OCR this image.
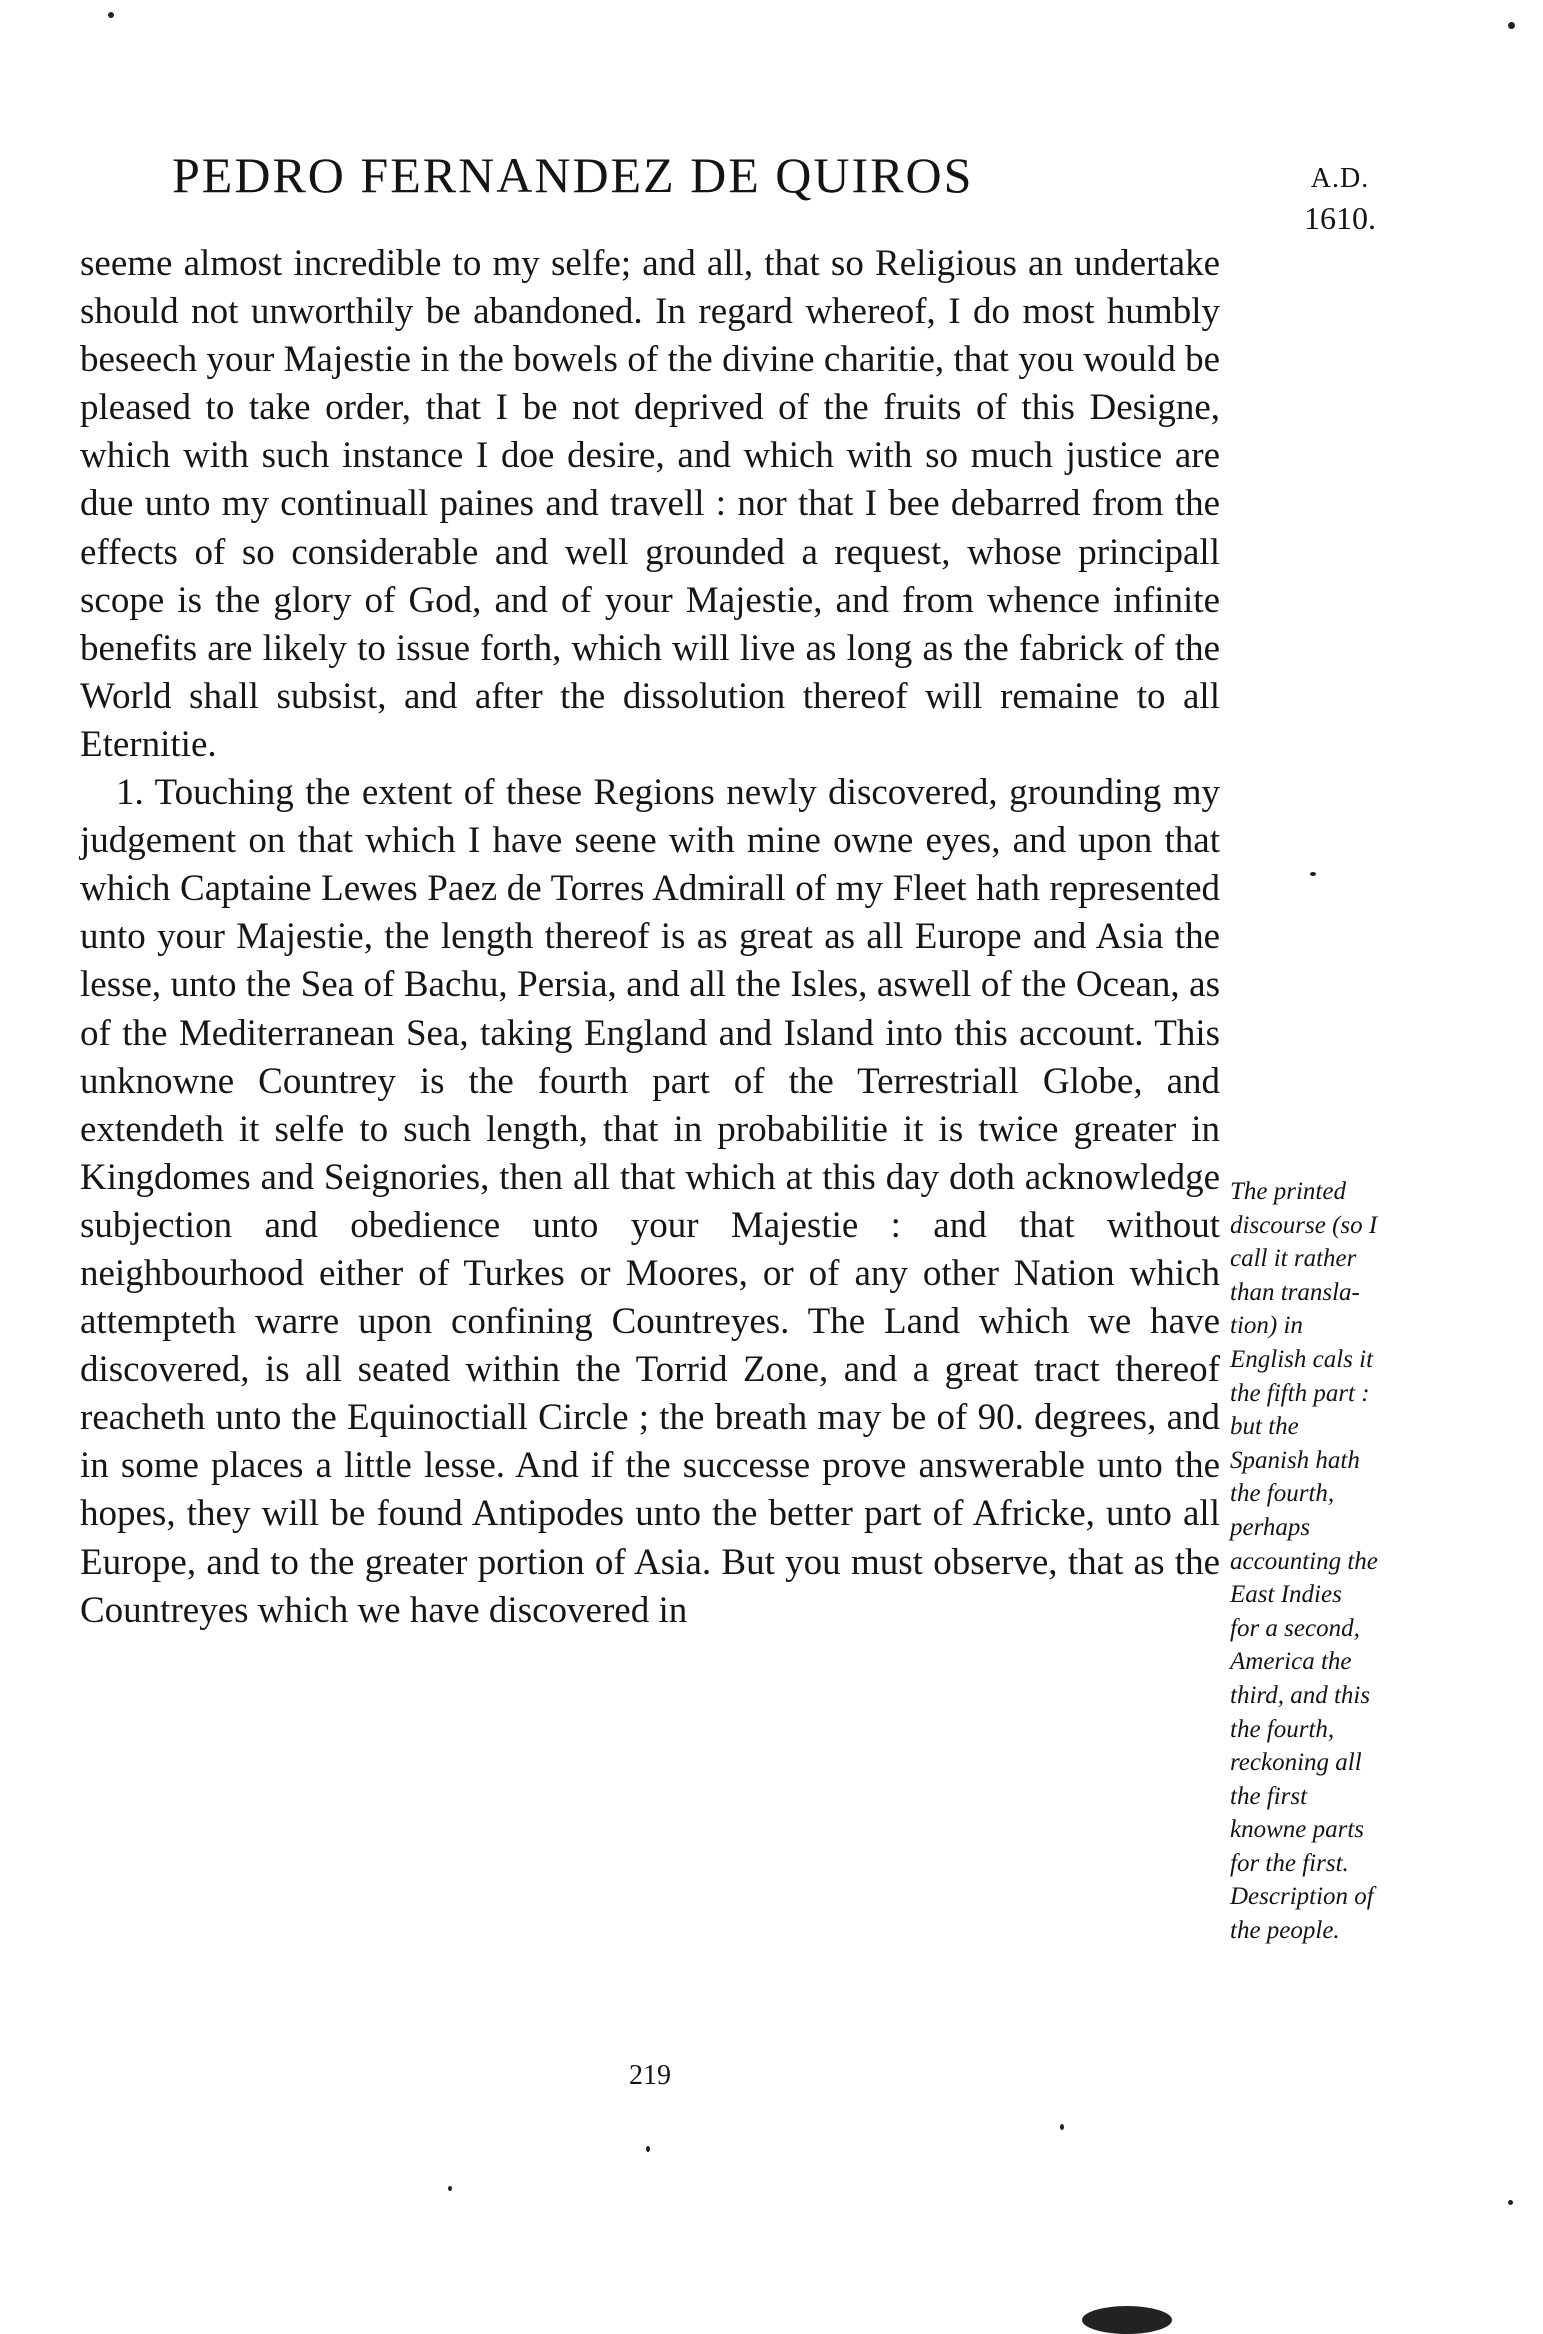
PEDRO FERNANDEZ DE QUIROS	A.D.
1610.

seeme almost incredible to my selfe; and all, that so Religious an undertake should not unworthily be abandoned. In regard whereof, I do most humbly beseech your Majestie in the bowels of the divine charitie, that you would be pleased to take order, that I be not deprived of the fruits of this Designe, which with such instance I doe desire, and which with so much justice are due unto my continuall paines and travell : nor that I bee debarred from the effects of so considerable and well grounded a request, whose principall scope is the glory of God, and of your Majestie, and from whence infinite benefits are likely to issue forth, which will live as long as the fabrick of the World shall subsist, and after the dissolution thereof will remaine to all Eternitie.

1. Touching the extent of these Regions newly discovered, grounding my judgement on that which I have seene with mine owne eyes, and upon that which Captaine Lewes Paez de Torres Admirall of my Fleet hath represented unto your Majestie, the length thereof is as great as all Europe and Asia the lesse, unto the Sea of Bachu, Persia, and all the Isles, aswell of the Ocean, as of the Mediterranean Sea, taking England and Island into this account. This unknowne Countrey is the fourth part of the Terrestriall Globe, and extendeth it selfe to such length, that in probabilitie it is twice greater in Kingdomes and Seignories, then all that which at this day doth acknowledge subjection and obedience unto your Majestie : and that without neighbourhood either of Turkes or Moores, or of any other Nation which attempteth warre upon confining Countreyes. The Land which we have discovered, is all seated within the Torrid Zone, and a great tract thereof reacheth unto the Equinoctiall Circle ; the breath may be of 90. degrees, and in some places a little lesse. And if the successe prove answerable unto the hopes, they will be found Antipodes unto the better part of Africke, unto all Europe, and to the greater portion of Asia. But you must observe, that as the Countreyes which we have discovered in

The printed
discourse (so I
call it rather
than transla-
tion) in
English cals it
the fifth part :
but the
Spanish hath
the fourth,
perhaps
accounting the
East Indies
for a second,
America the
third, and this
the fourth,
reckoning all
the first
knowne parts
for the first.
Description of
the people.
219
